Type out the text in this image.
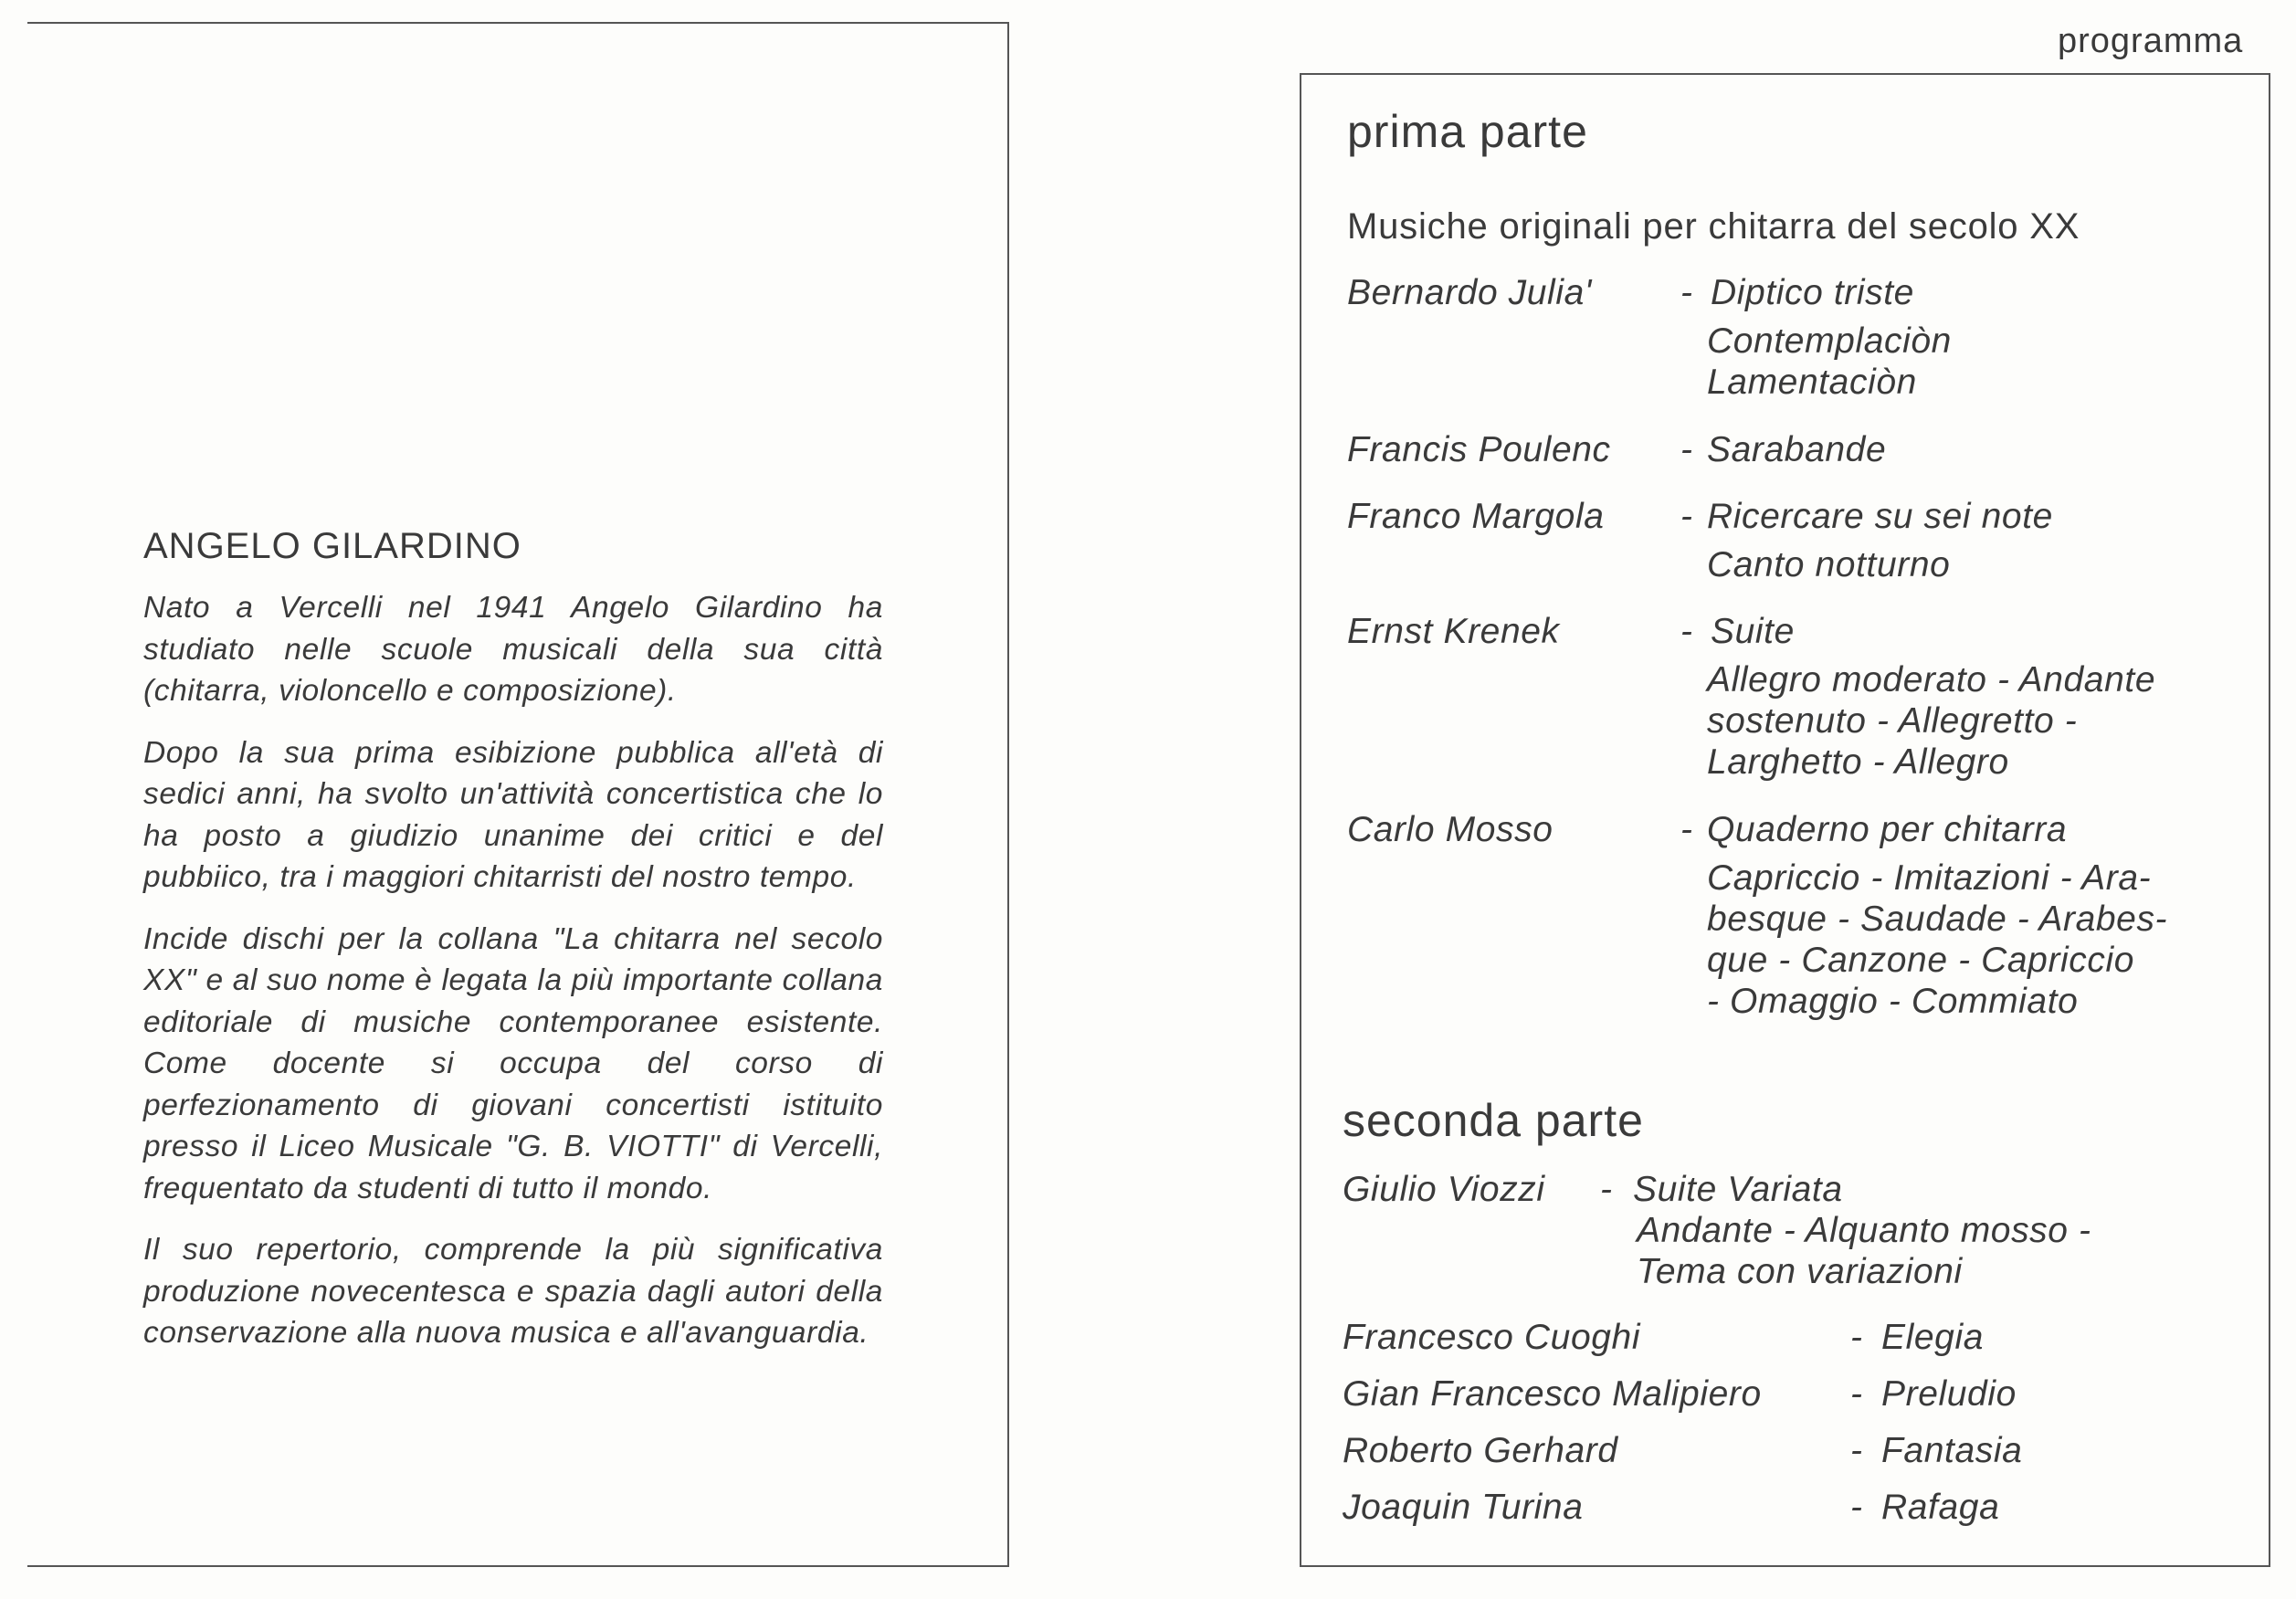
ANGELO GILARDINO

Nato a Vercelli nel 1941 Angelo Gilardino ha studiato nelle scuole musicali della sua città (chitarra, violoncello e composizione).

Dopo la sua prima esibizione pubblica all'età di sedici anni, ha svolto un'attività concertistica che lo ha posto a giudizio unanime dei critici e del pubbiico, tra i maggiori chitarristi del nostro tempo.

Incide dischi per la collana "La chitarra nel secolo XX" e al suo nome è legata la più importante collana editoriale di musiche contemporanee esistente. Come docente si occupa del corso di perfezionamento di giovani concertisti istituito presso il Liceo Musicale "G. B. VIOTTI" di Vercelli, frequentato da studenti di tutto il mondo.

Il suo repertorio, comprende la più significativa produzione novecentesca e spazia dagli autori della conservazione alla nuova musica e all'avanguardia.

programma
prima parte
Musiche originali per chitarra del secolo XX
Bernardo Julia' - Diptico triste
Contemplaciòn
Lamentaciòn
Francis Poulenc - Sarabande
Franco Margola - Ricercare su sei note
Canto notturno
Ernst Krenek	- Suite
Allegro moderato - Andante
sostenuto - Allegretto -
Larghetto - Allegro
Carlo Mosso	- Quaderno per chitarra
Capriccio - Imitazioni - Ara-
besque - Saudade - Arabes-
que - Canzone - Capriccio
- Omaggio - Commiato
seconda parte
Giulio Viozzi - Suite Variata
Andante - Alquanto mosso -
Tema con variazioni
Francesco Cuoghi	- Elegia
Gian Francesco Malipiero - Preludio
Roberto Gerhard	- Fantasia
Joaquin Turina	- Rafaga
